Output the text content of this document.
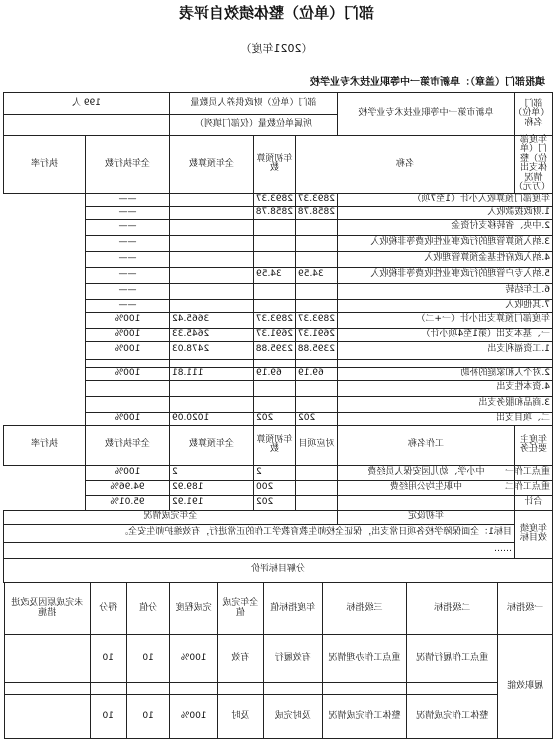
部门（单位）整体绩效自评表
（2021年度）
填报部门（盖章）：阜新市第一中等职业技术专业学校
部门（单位）名称	阜新市第一中等职业技术专业学校	部门（单位）财政供养人员数量			199 人	
		所属单位数量（仅部门填列）				
年度部门（单位）整体支出情况（万元）	名称		年初预算数	全年预算数	全年执行数	执行率
年度部门预算收入小计（1至7项）		2893.37	2893.37		——	
1.财政拨款收入		2858.78	2858.78		——	
2.中央、省转移支付资金					——	
3.纳入预算管理的行政事业性收费等非税收入					——	
4.纳入政府性基金预算管理收入					——	
5.纳入专户管理的行政事业性收费等非税收入		34.59	34.59		——	
6.上年结转					——	
7.其他收入					——	
年度部门预算支出小计（一+二）		2893.37	2893.37	3665.42	100%	
一、基本支出（第1至4项小计）		2691.37	2691.37	2645.33	100%	
1.工资福利支出		2395.88	2395.88	2478.03	100%	

2.对个人和家庭的补助		69.19	69.19	111.81	100%	
4.资本性支出						
3.商品和服务支出						
二、项目支出		202	202	1020.09	100%	
年度主要任务	工作名称	对应项目	年初预算数	全年预算数	全年执行数	执行率
重点工作一	中小学、幼儿园安保人员经费		2	2	100%	
重点工作二	中职生均公用经费		200	189.92	94.96%	
合计			202	191.92	95.01%	
年度绩效目标	年初设定	全年完成情况				
	目标1：全面保障学校各项日常支出，保证全校师生教育教学工作的正常进行，有效维护师生安全。					
	……					
分解目标评价						
一级指标	二级指标	三级指标	年度指标值	全年完成值	完成程度	分值	得分	未完成原因及改进措施
履职效能	重点工作履行情况	重点工作办理情况	有效履行	有效	100%	10	10	

	整体工作完成情况	整体工作完成情况	及时完成	及时	100%	10	10	
